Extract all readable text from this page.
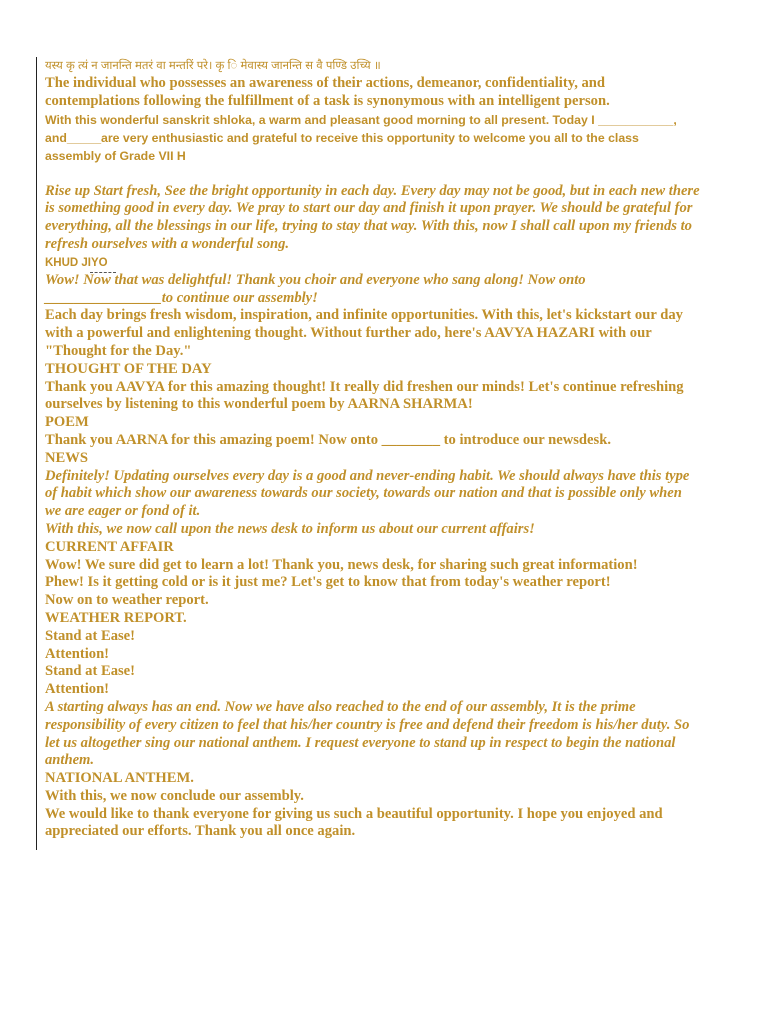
यस्य कृ त्यं न जानन्ति मतरं वा मन्तरिं परे। कृ ◌ि मेवास्य जानन्ति स वै पण्डि उच्यि ॥

The individual who possesses an awareness of their actions, demeanor, confidentiality, and

contemplations following the fulfillment of a task is synonymous with an intelligent person.

With this wonderful sanskrit shloka, a warm and pleasant good morning to all present. Today I ___________,

and_____are very enthusiastic and grateful to receive this opportunity to welcome you all to the class

assembly of Grade VII H

Rise up Start fresh, See the bright opportunity in each day. Every day may not be good, but in each new there

is something good in every day. We pray to start our day and finish it upon prayer. We should be grateful for

everything, all the blessings in our life, trying to stay that way. With this, now I shall call upon my friends to

refresh ourselves with a wonderful song.

KHUD JIYO

Wow! Now that was delightful! Thank you choir and everyone who sang along! Now onto

________________to continue our assembly!

Each day brings fresh wisdom, inspiration, and infinite opportunities. With this, let's kickstart our day

with a powerful and enlightening thought. Without further ado, here's AAVYA HAZARI with our

"Thought for the Day."

THOUGHT OF THE DAY

Thank you AAVYA for this amazing thought! It really did freshen our minds! Let's continue refreshing

ourselves by listening to this wonderful poem by AARNA SHARMA!

POEM

Thank you AARNA for this amazing poem! Now onto ________ to introduce our newsdesk.

NEWS

Definitely! Updating ourselves every day is a good and never-ending habit. We should always have this type

of habit which show our awareness towards our society, towards our nation and that is possible only when

we are eager or fond of it.

With this, we now call upon the news desk to inform us about our current affairs!

CURRENT AFFAIR

Wow! We sure did get to learn a lot! Thank you, news desk, for sharing such great information!

Phew! Is it getting cold or is it just me? Let's get to know that from today's weather report!

Now on to weather report.

WEATHER REPORT.

Stand at Ease!

Attention!

Stand at Ease!

Attention!

A starting always has an end. Now we have also reached to the end of our assembly, It is the prime

responsibility of every citizen to feel that his/her country is free and defend their freedom is his/her duty. So

let us altogether sing our national anthem. I request everyone to stand up in respect to begin the national

anthem.

NATIONAL ANTHEM.

With this, we now conclude our assembly.

We would like to thank everyone for giving us such a beautiful opportunity. I hope you enjoyed and

appreciated our efforts. Thank you all once again.
